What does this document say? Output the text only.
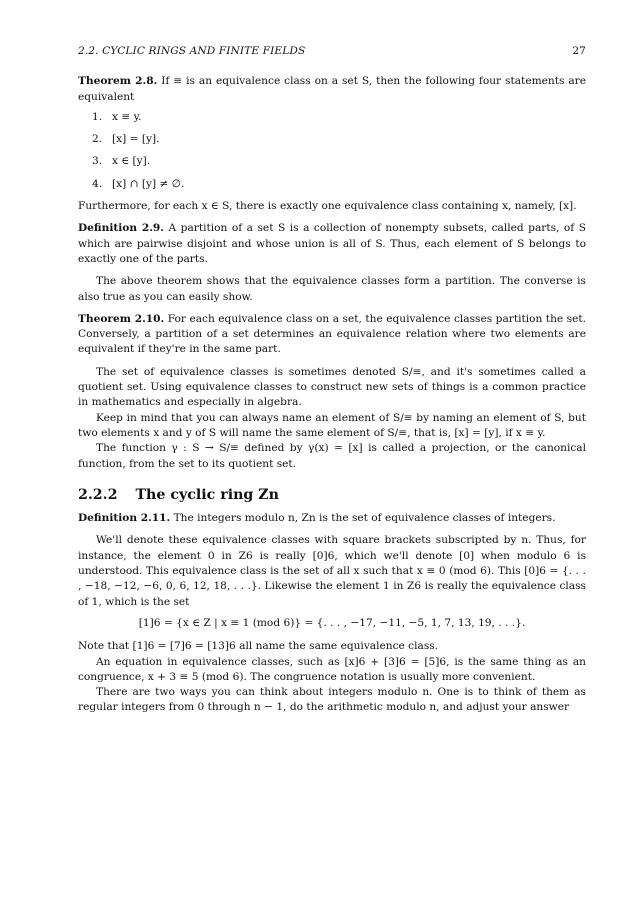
2.2. CYCLIC RINGS AND FINITE FIELDS	27

Theorem 2.8. If ≡ is an equivalence class on a set S, then the following four statements are equivalent

1. x ≡ y.
2. [x] = [y].
3. x ∈ [y].
4. [x] ∩ [y] ≠ ∅.

Furthermore, for each x ∈ S, there is exactly one equivalence class containing x, namely, [x].

Definition 2.9. A partition of a set S is a collection of nonempty subsets, called parts, of S which are pairwise disjoint and whose union is all of S. Thus, each element of S belongs to exactly one of the parts.

The above theorem shows that the equivalence classes form a partition. The converse is also true as you can easily show.

Theorem 2.10. For each equivalence class on a set, the equivalence classes partition the set. Conversely, a partition of a set determines an equivalence relation where two elements are equivalent if they're in the same part.

The set of equivalence classes is sometimes denoted S/≡, and it's sometimes called a quotient set. Using equivalence classes to construct new sets of things is a common practice in mathematics and especially in algebra.

Keep in mind that you can always name an element of S/≡ by naming an element of S, but two elements x and y of S will name the same element of S/≡, that is, [x] = [y], if x ≡ y.

The function γ : S → S/≡ defined by γ(x) = [x] is called a projection, or the canonical function, from the set to its quotient set.

2.2.2 The cyclic ring Zn

Definition 2.11. The integers modulo n, Zn is the set of equivalence classes of integers.

We'll denote these equivalence classes with square brackets subscripted by n. Thus, for instance, the element 0 in Z6 is really [0]6, which we'll denote [0] when modulo 6 is understood. This equivalence class is the set of all x such that x ≡ 0 (mod 6). This [0]6 = {. . . , −18, −12, −6, 0, 6, 12, 18, . . .}. Likewise the element 1 in Z6 is really the equivalence class of 1, which is the set

[1]6 = {x ∈ Z | x ≡ 1 (mod 6)} = {. . . , −17, −11, −5, 1, 7, 13, 19, . . .}.

Note that [1]6 = [7]6 = [13]6 all name the same equivalence class.

An equation in equivalence classes, such as [x]6 + [3]6 = [5]6, is the same thing as an congruence, x + 3 ≡ 5 (mod 6). The congruence notation is usually more convenient.

There are two ways you can think about integers modulo n. One is to think of them as regular integers from 0 through n − 1, do the arithmetic modulo n, and adjust your answer
